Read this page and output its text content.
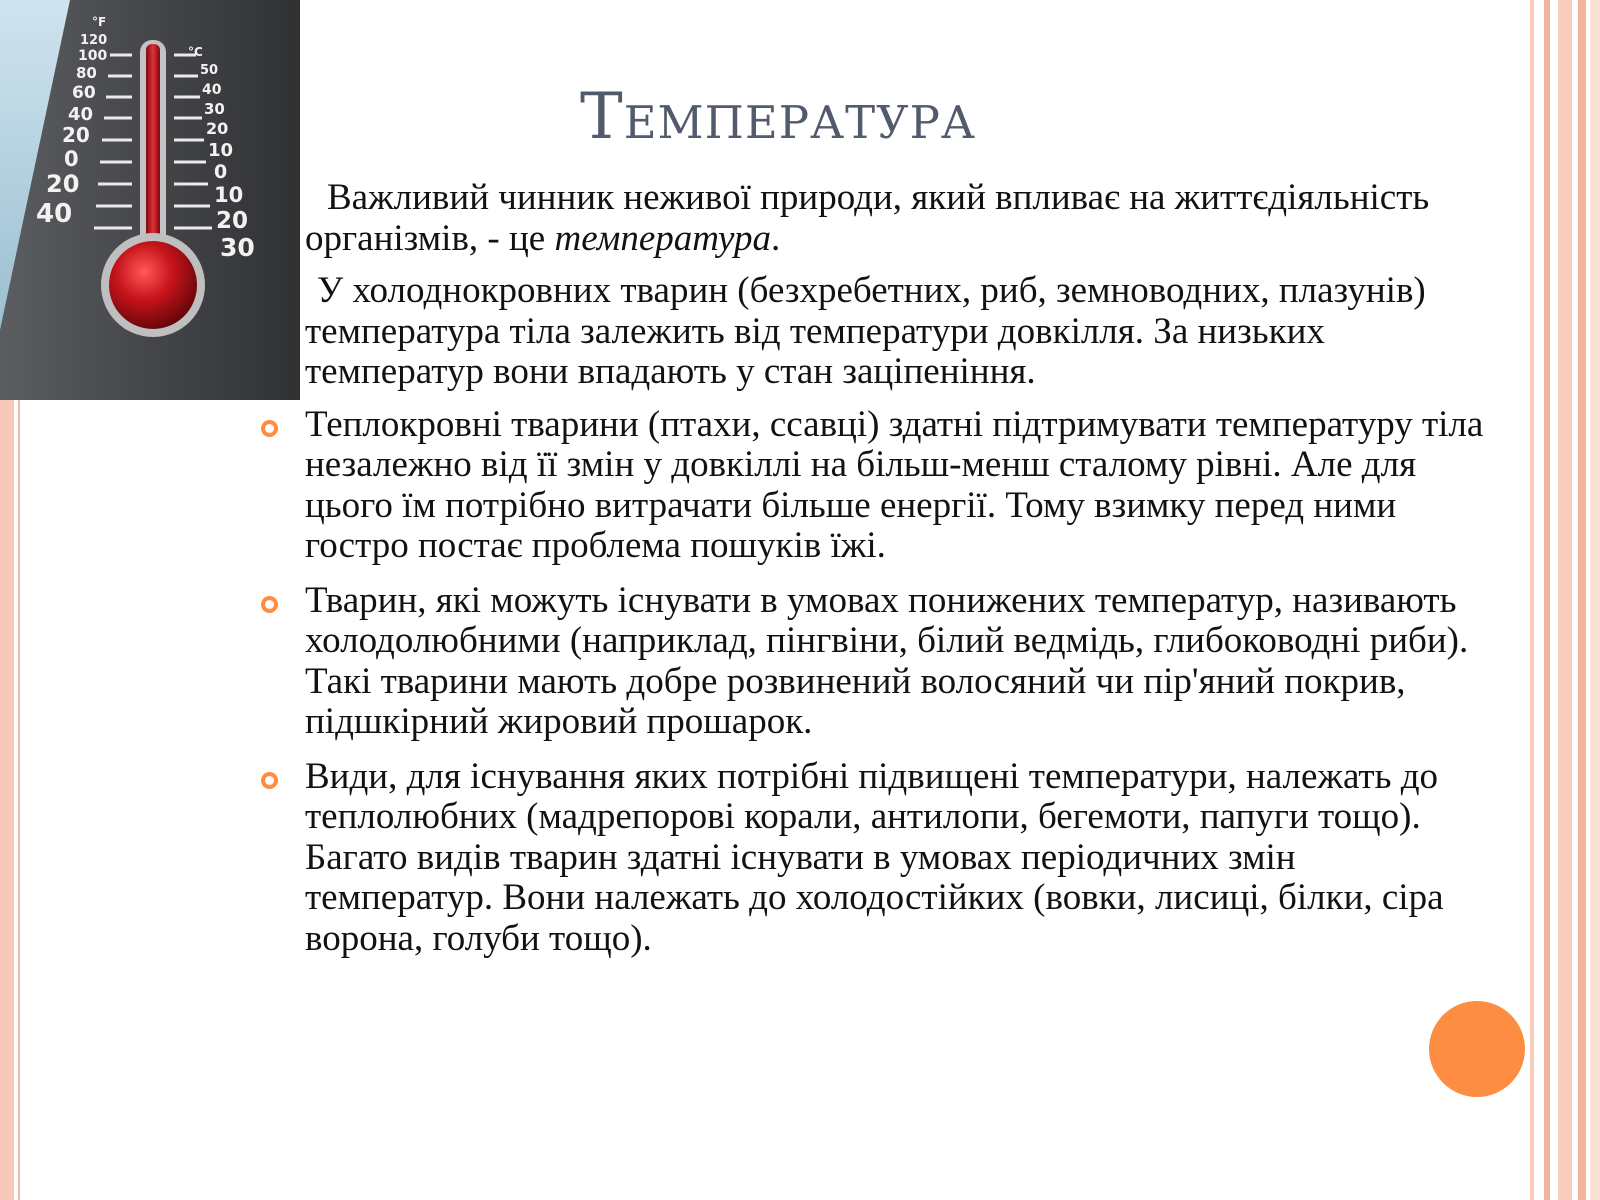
°F
°C
120
100
80
60
40
20
0
20
40
50
40
30
20
10
0
10
20
30
Температура

Важливий чинник неживої природи, який впливає на життєдіяльність організмів, - це температура.

У холоднокровних тварин (безхребетних, риб, земноводних, плазунів) температура тіла залежить від температури довкілля. За низьких температур вони впадають у стан заціпеніння.

Теплокровні тварини (птахи, ссавці) здатні підтримувати температуру тіла незалежно від її змін у довкіллі на більш-менш сталому рівні. Але для цього їм потрібно витрачати більше енергії. Тому взимку перед ними гостро постає проблема пошуків їжі.

Тварин, які можуть існувати в умовах понижених температур, називають холодолюбними (наприклад, пінгвіни, білий ведмідь, глибоководні риби). Такі тварини мають добре розвинений волосяний чи пір'яний покрив, підшкірний жировий прошарок.

Види, для існування яких потрібні підвищені температури, належать до теплолюбних (мадрепорові корали, антилопи, бегемоти, папуги тощо). Багато видів тварин здатні існувати в умовах періодичних змін температур. Вони належать до холодостійких (вовки, лисиці, білки, сіра ворона, голуби тощо).
